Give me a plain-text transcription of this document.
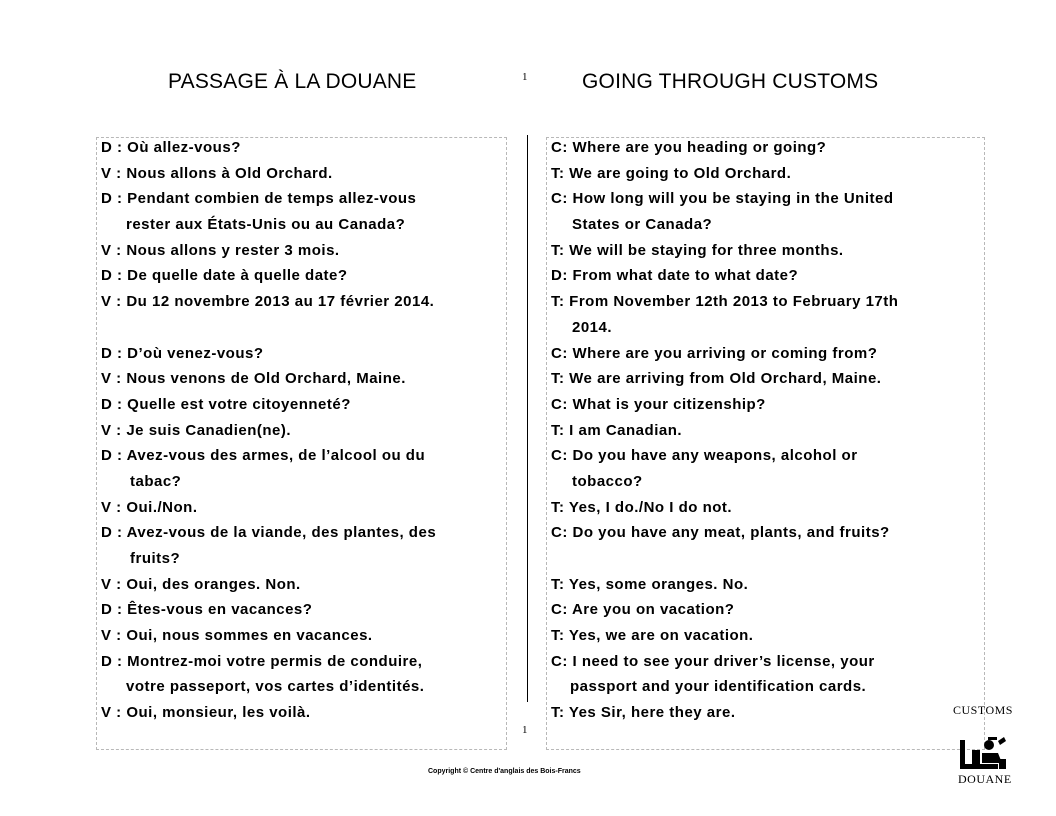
PASSAGE À LA DOUANE	1	GOING THROUGH CUSTOMS
D : Où allez-vous?
V : Nous allons à Old Orchard.
D : Pendant combien de temps allez-vous
rester aux États-Unis ou au Canada?
V : Nous allons y rester 3 mois.
D : De quelle date à quelle date?
V : Du 12 novembre 2013 au 17 février 2014.
D : D’où venez-vous?
V : Nous venons de Old Orchard, Maine.
D : Quelle est votre citoyenneté?
V : Je suis Canadien(ne).
D : Avez-vous des armes, de l’alcool ou du
tabac?
V : Oui./Non.
D : Avez-vous de la viande, des plantes, des
fruits?
V : Oui, des oranges. Non.
D : Êtes-vous en vacances?
V : Oui, nous sommes en vacances.
D : Montrez-moi votre permis de conduire,
votre passeport, vos cartes d’identités.
V : Oui, monsieur, les voilà.
C: Where are you heading or going?
T: We are going to Old Orchard.
C: How long will you be staying in the United
States or Canada?
T: We will be staying for three months.
D: From what date to what date?
T: From November 12th 2013 to February 17th
2014.
C: Where are you arriving or coming from?
T: We are arriving from Old Orchard, Maine.
C: What is your citizenship?
T: I am Canadian.
C: Do you have any weapons, alcohol or
tobacco?
T: Yes, I do./No I do not.
C: Do you have any meat, plants, and fruits?
T: Yes, some oranges. No.
C: Are you on vacation?
T: Yes, we are on vacation.
C: I need to see your driver’s license, your
passport and your identification cards.
T: Yes Sir, here they are.
1
Copyright © Centre d'anglais des Bois-Francs
CUSTOMS
DOUANE
